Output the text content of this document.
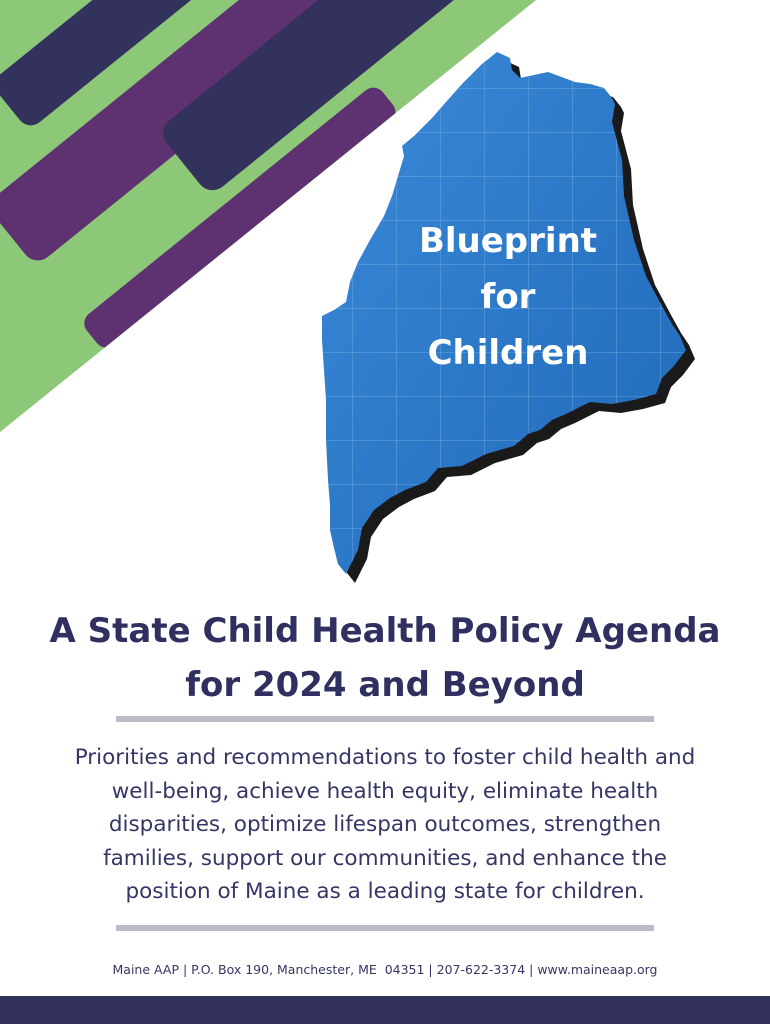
Blueprint
for
Children
A State Child Health Policy Agenda
for 2024 and Beyond

Priorities and recommendations to foster child health and
well-being, achieve health equity, eliminate health
disparities, optimize lifespan outcomes, strengthen
families, support our communities, and enhance the
position of Maine as a leading state for children.

Maine AAP | P.O. Box 190, Manchester, ME  04351 | 207-622-3374 | www.maineaap.org
